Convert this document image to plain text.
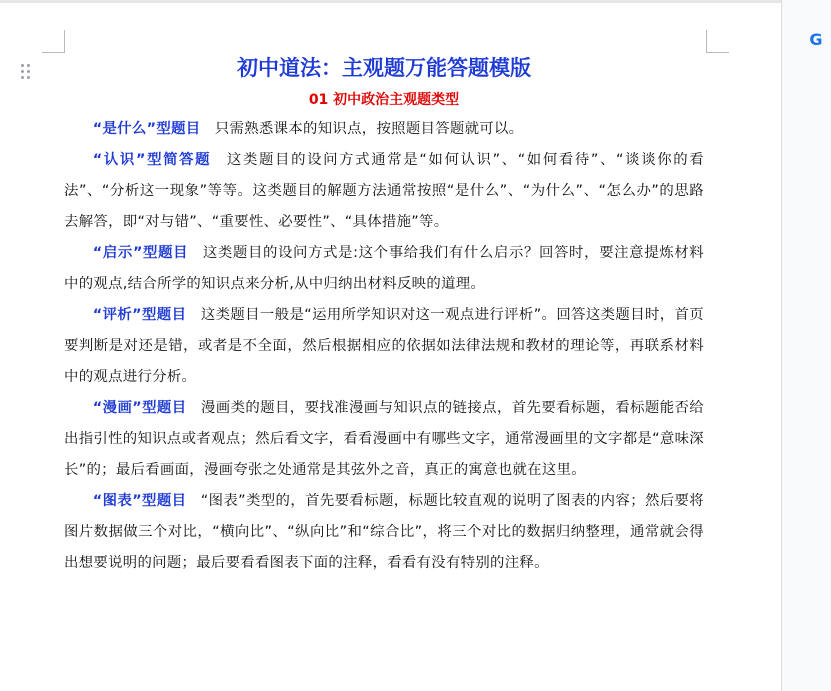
初中道法：主观题万能答题模版
01 初中政治主观题类型

“是什么”型题目 只需熟悉课本的知识点，按照题目答题就可以。

“认识”型简答题 这类题目的设问方式通常是“如何认识”、“如何看待”、“谈谈你的看法”、“分析这一现象”等等。这类题目的解题方法通常按照“是什么”、“为什么”、“怎么办”的思路去解答，即“对与错”、“重要性、必要性”、“具体措施”等。

“启示”型题目 这类题目的设问方式是:这个事给我们有什么启示？回答时，要注意提炼材料中的观点,结合所学的知识点来分析,从中归纳出材料反映的道理。

“评析”型题目 这类题目一般是“运用所学知识对这一观点进行评析”。回答这类题目时，首页要判断是对还是错，或者是不全面，然后根据相应的依据如法律法规和教材的理论等，再联系材料中的观点进行分析。

“漫画”型题目 漫画类的题目，要找准漫画与知识点的链接点，首先要看标题，看标题能否给出指引性的知识点或者观点；然后看文字，看看漫画中有哪些文字，通常漫画里的文字都是“意味深长”的；最后看画面，漫画夸张之处通常是其弦外之音，真正的寓意也就在这里。

“图表”型题目 “图表”类型的，首先要看标题，标题比较直观的说明了图表的内容；然后要将图片数据做三个对比，“横向比”、“纵向比”和“综合比”，将三个对比的数据归纳整理，通常就会得出想要说明的问题；最后要看看图表下面的注释，看看有没有特别的注释。

G
